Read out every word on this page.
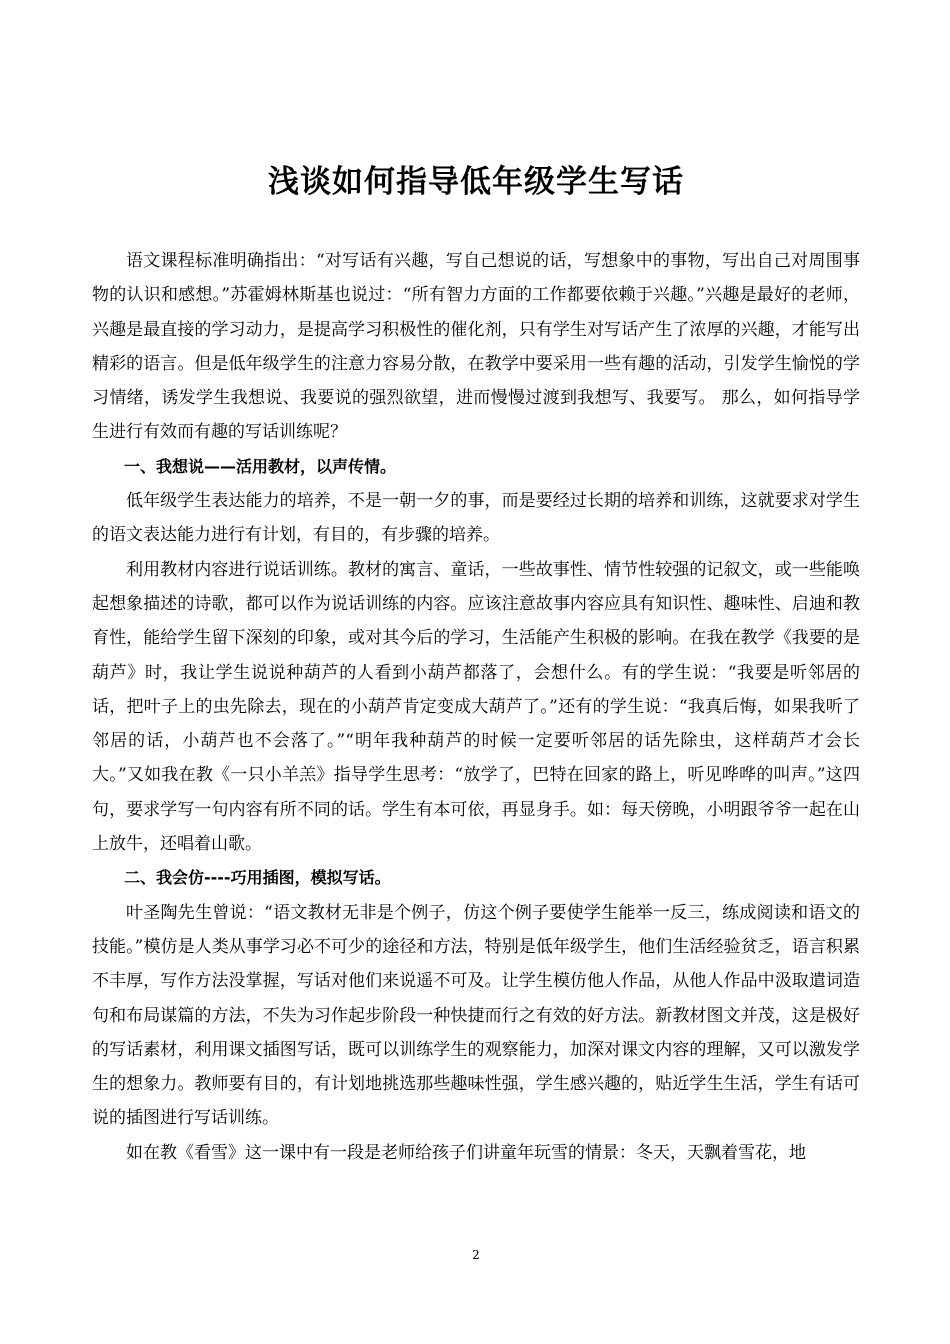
浅谈如何指导低年级学生写话

语文课程标准明确指出：“对写话有兴趣，写自己想说的话，写想象中的事物，写出自己对周围事物的认识和感想。”苏霍姆林斯基也说过：“所有智力方面的工作都要依赖于兴趣。”兴趣是最好的老师，兴趣是最直接的学习动力，是提高学习积极性的催化剂，只有学生对写话产生了浓厚的兴趣，才能写出精彩的语言。但是低年级学生的注意力容易分散，在教学中要采用一些有趣的活动，引发学生愉悦的学习情绪，诱发学生我想说、我要说的强烈欲望，进而慢慢过渡到我想写、我要写。 那么，如何指导学生进行有效而有趣的写话训练呢？

一、我想说——活用教材，以声传情。

低年级学生表达能力的培养，不是一朝一夕的事，而是要经过长期的培养和训练，这就要求对学生的语文表达能力进行有计划，有目的，有步骤的培养。

利用教材内容进行说话训练。教材的寓言、童话，一些故事性、情节性较强的记叙文，或一些能唤起想象描述的诗歌，都可以作为说话训练的内容。应该注意故事内容应具有知识性、趣味性、启迪和教育性，能给学生留下深刻的印象，或对其今后的学习，生活能产生积极的影响。在我在教学《我要的是葫芦》时，我让学生说说种葫芦的人看到小葫芦都落了，会想什么。有的学生说：“我要是听邻居的话，把叶子上的虫先除去，现在的小葫芦肯定变成大葫芦了。”还有的学生说：“我真后悔，如果我听了邻居的话，小葫芦也不会落了。”“明年我种葫芦的时候一定要听邻居的话先除虫，这样葫芦才会长大。”又如我在教《一只小羊羔》指导学生思考：“放学了，巴特在回家的路上，听见哗哗的叫声。”这四句，要求学写一句内容有所不同的话。学生有本可依，再显身手。如：每天傍晚，小明跟爷爷一起在山上放牛，还唱着山歌。

二、我会仿----巧用插图，模拟写话。

叶圣陶先生曾说：“语文教材无非是个例子，仿这个例子要使学生能举一反三，练成阅读和语文的技能。”模仿是人类从事学习必不可少的途径和方法，特别是低年级学生，他们生活经验贫乏，语言积累不丰厚，写作方法没掌握，写话对他们来说遥不可及。让学生模仿他人作品，从他人作品中汲取遣词造句和布局谋篇的方法，不失为习作起步阶段一种快捷而行之有效的好方法。新教材图文并茂，这是极好的写话素材，利用课文插图写话，既可以训练学生的观察能力，加深对课文内容的理解，又可以激发学生的想象力。教师要有目的，有计划地挑选那些趣味性强，学生感兴趣的，贴近学生生活，学生有话可说的插图进行写话训练。

如在教《看雪》这一课中有一段是老师给孩子们讲童年玩雪的情景：冬天，天飘着雪花，地

2
